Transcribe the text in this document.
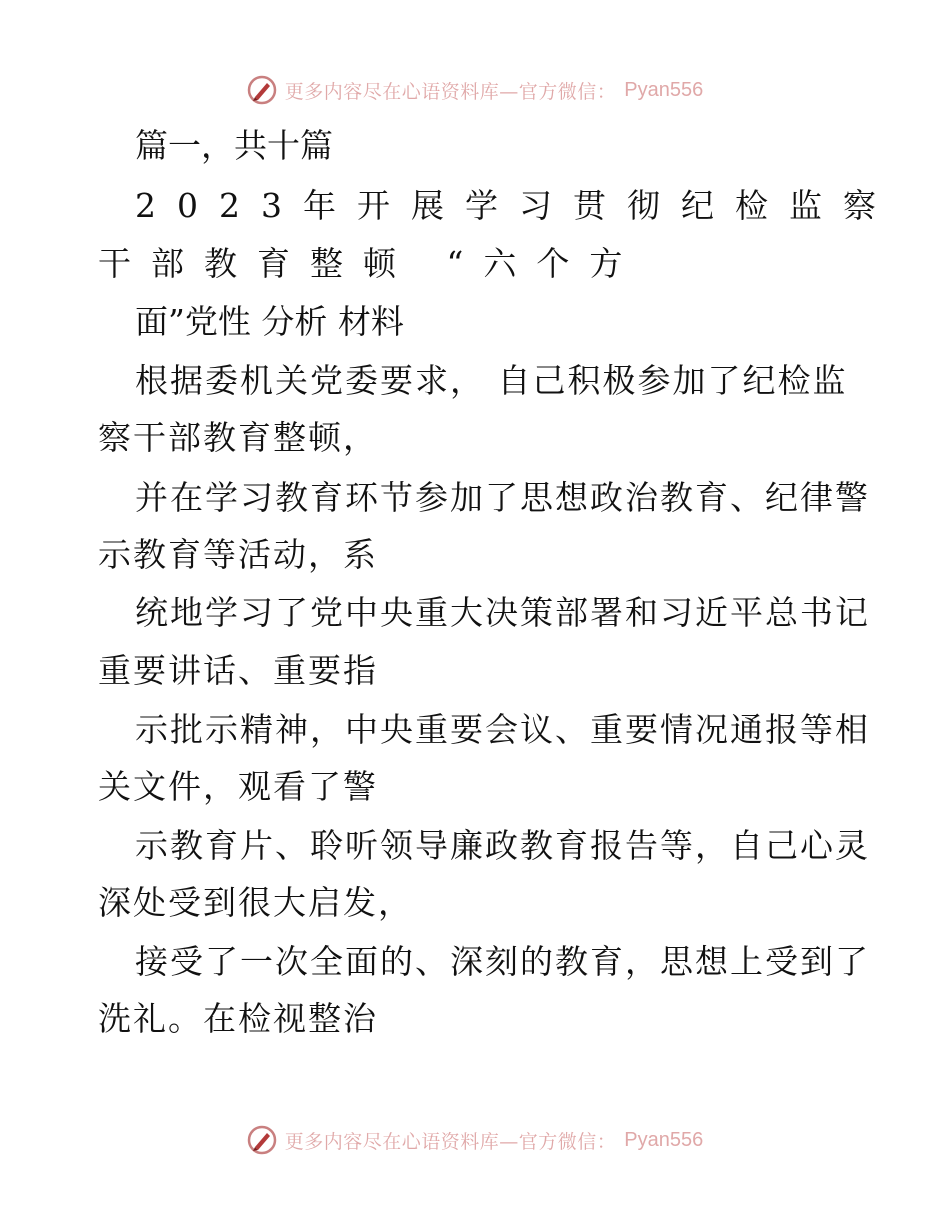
更多内容尽在心语资料库—官方微信： Pyan556
篇一，共十篇
2023年开展学习贯彻纪检监察
干部教育整顿 “六个方
面”党性 分析 材料
根据委机关党委要求， 自己积极参加了纪检监
察干部教育整顿，
并在学习教育环节参加了思想政治教育、纪律警
示教育等活动，系
统地学习了党中央重大决策部署和习近平总书记
重要讲话、重要指
示批示精神，中央重要会议、重要情况通报等相
关文件，观看了警
示教育片、聆听领导廉政教育报告等，自己心灵
深处受到很大启发，
接受了一次全面的、深刻的教育，思想上受到了
洗礼。在检视整治
更多内容尽在心语资料库—官方微信： Pyan556
